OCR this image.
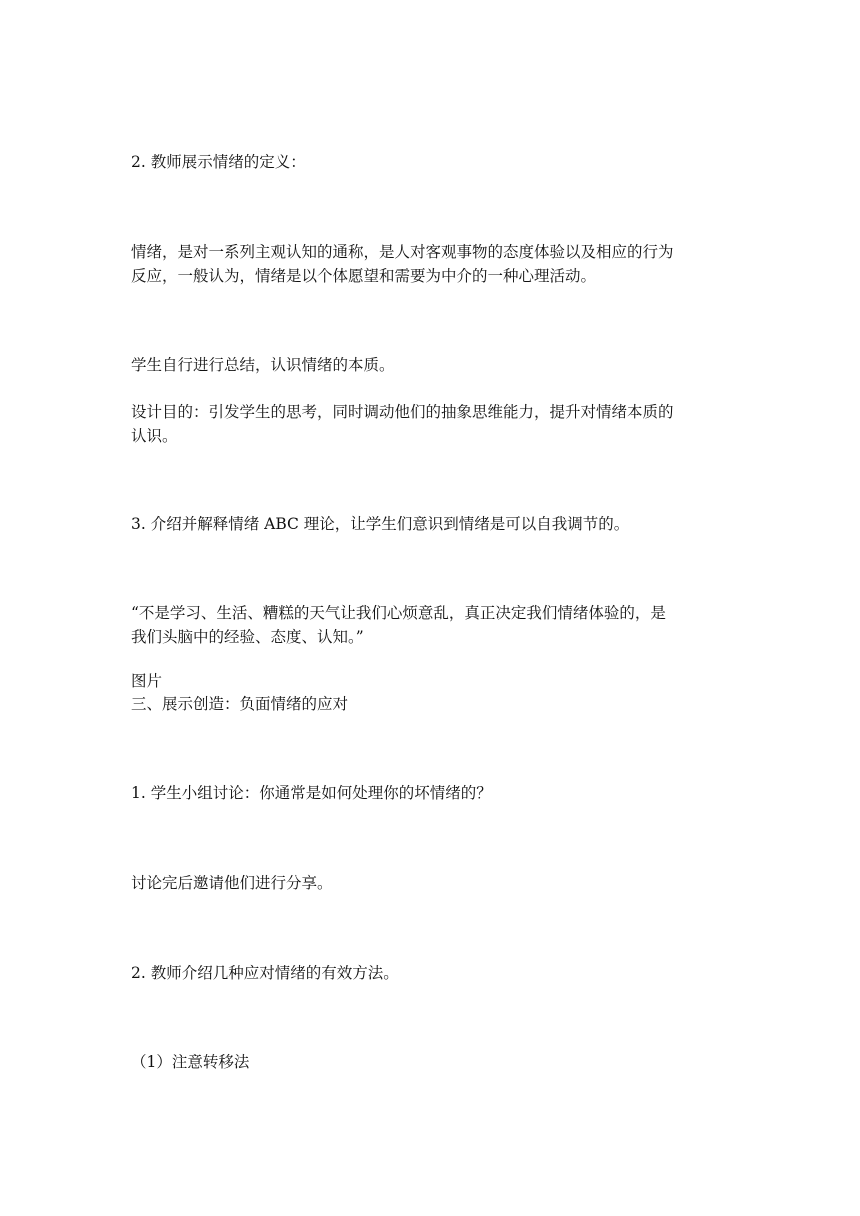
2. 教师展示情绪的定义：
情绪，是对一系列主观认知的通称，是人对客观事物的态度体验以及相应的行为
反应，一般认为，情绪是以个体愿望和需要为中介的一种心理活动。
学生自行进行总结，认识情绪的本质。
设计目的：引发学生的思考，同时调动他们的抽象思维能力，提升对情绪本质的
认识。
3. 介绍并解释情绪 ABC 理论，让学生们意识到情绪是可以自我调节的。
“不是学习、生活、糟糕的天气让我们心烦意乱，真正决定我们情绪体验的，是
我们头脑中的经验、态度、认知。”
图片
三、展示创造：负面情绪的应对
1. 学生小组讨论：你通常是如何处理你的坏情绪的？
讨论完后邀请他们进行分享。
2. 教师介绍几种应对情绪的有效方法。
（1）注意转移法
